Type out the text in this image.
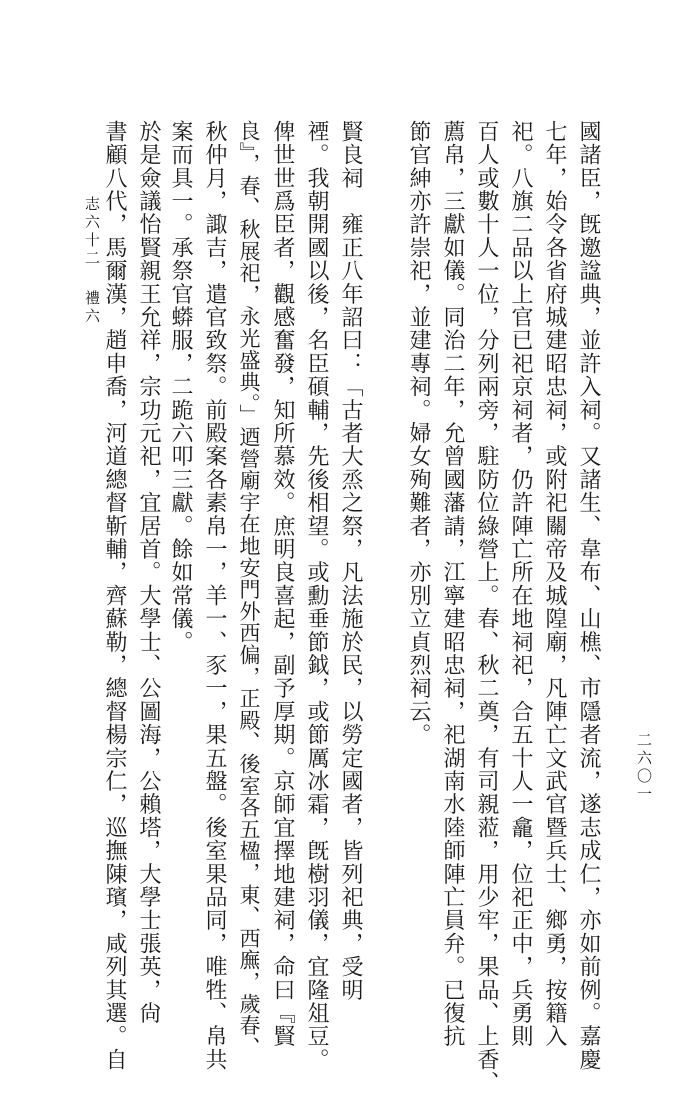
國諸臣，旣邀諡典，並許入祠。又諸生、韋布、山樵、市隱者流，遂志成仁，亦如前例。嘉慶
七年，始令各省府城建昭忠祠，或附祀關帝及城隍廟，凡陣亡文武官暨兵士、鄉勇，按籍入
祀。八旗二品以上官已祀京祠者，仍許陣亡所在地祠祀，合五十人一龕，位祀正中，兵勇則
百人或數十人一位，分列兩旁，駐防位綠營上。春、秋二奠，有司親蒞，用少牢，果品、上香、
薦帛，三獻如儀。同治二年，允曾國藩請，江寧建昭忠祠，祀湖南水陸師陣亡員弁。已復抗
節官紳亦許崇祀，並建專祠。婦女殉難者，亦別立貞烈祠云。
賢良祠　雍正八年詔曰：「古者大烝之祭，凡法施於民，以勞定國者，皆列祀典，受明
禋。我朝開國以後，名臣碩輔，先後相望。或勳垂節鉞，或節厲冰霜，旣樹羽儀，宜隆俎豆。
俾世世爲臣者，觀感奮發，知所慕效。庶明良喜起，副予厚期。京師宜擇地建祠，命曰『賢
良』，春、秋展祀，永光盛典。」迺營廟宇在地安門外西偏，正殿、後室各五楹，東、西廡，歲春、
秋仲月，諏吉，遣官致祭。前殿案各素帛一，羊一、豕一，果五盤。後室果品同，唯牲、帛共
案而具一。承祭官蟒服，二跪六叩三獻。餘如常儀。
於是僉議怡賢親王允祥，宗功元祀，宜居首。大學士、公圖海，公賴塔，大學士張英，尙
書顧八代，馬爾漢，趙申喬，河道總督靳輔，齊蘇勒，總督楊宗仁，巡撫陳璸，咸列其選。自
志六十二
禮六
二六〇一
